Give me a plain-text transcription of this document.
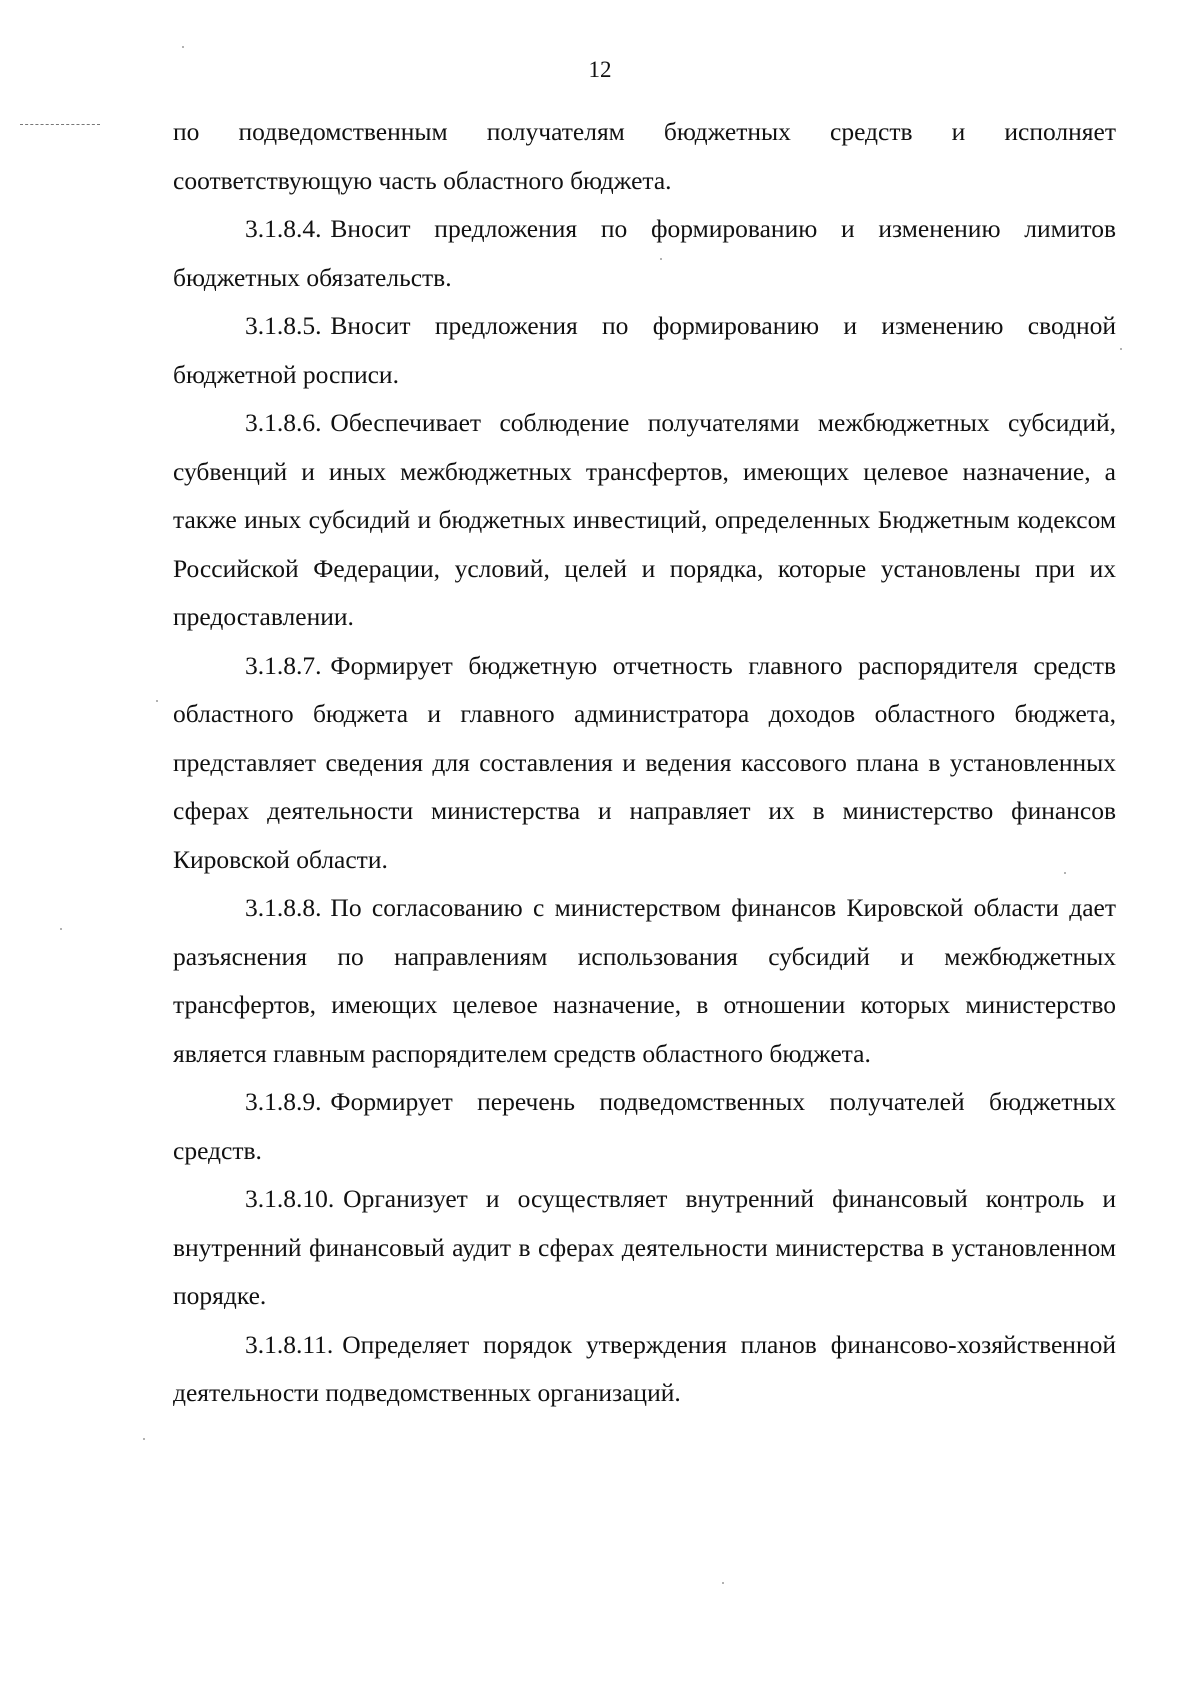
12

по подведомственным получателям бюджетных средств и исполняет соответствующую часть областного бюджета.

3.1.8.4. Вносит предложения по формированию и изменению лимитов бюджетных обязательств.

3.1.8.5. Вносит предложения по формированию и изменению сводной бюджетной росписи.

3.1.8.6. Обеспечивает соблюдение получателями межбюджетных субсидий, субвенций и иных межбюджетных трансфертов, имеющих целевое назначение, а также иных субсидий и бюджетных инвестиций, определенных Бюджетным кодексом Российской Федерации, условий, целей и порядка, которые установлены при их предоставлении.

3.1.8.7. Формирует бюджетную отчетность главного распорядителя средств областного бюджета и главного администратора доходов областного бюджета, представляет сведения для составления и ведения кассового плана в установленных сферах деятельности министерства и направляет их в министерство финансов Кировской области.

3.1.8.8. По согласованию с министерством финансов Кировской области дает разъяснения по направлениям использования субсидий и межбюджетных трансфертов, имеющих целевое назначение, в отношении которых министерство является главным распорядителем средств областного бюджета.

3.1.8.9. Формирует перечень подведомственных получателей бюджетных средств.

3.1.8.10. Организует и осуществляет внутренний финансовый контроль и внутренний финансовый аудит в сферах деятельности министерства в установленном порядке.

3.1.8.11. Определяет порядок утверждения планов финансово-хозяйственной деятельности подведомственных организаций.
